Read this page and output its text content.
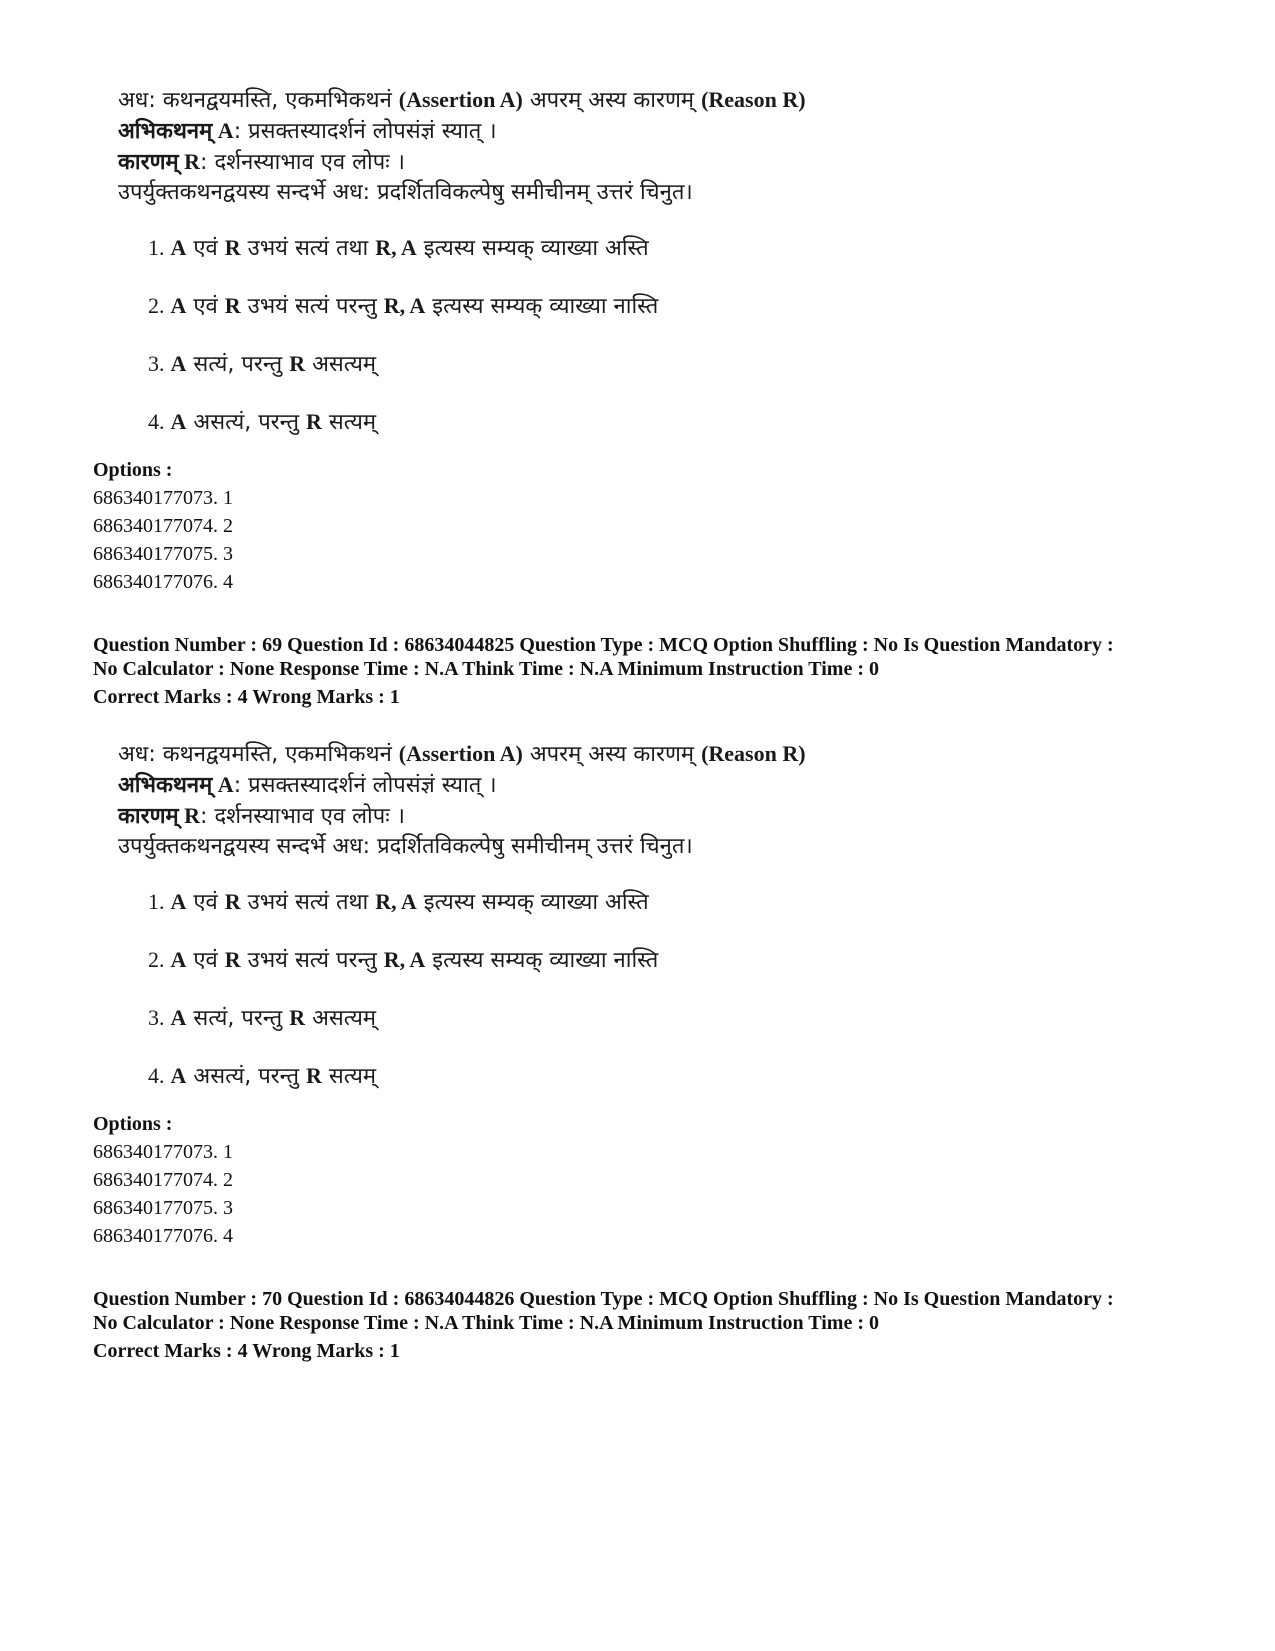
अध: कथनद्वयमस्ति, एकमभिकथनं (Assertion A) अपरम् अस्य कारणम् (Reason R)
अभिकथनम् A: प्रसक्तस्यादर्शनं लोपसंज्ञं स्यात् ।
कारणम् R: दर्शनस्याभाव एव लोपः ।
उपर्युक्तकथनद्वयस्य सन्दर्भे अध: प्रदर्शितविकल्पेषु समीचीनम् उत्तरं चिनुत।
1. A एवं R उभयं सत्यं तथा R, A इत्यस्य सम्यक् व्याख्या अस्ति
2. A एवं R उभयं सत्यं परन्तु R, A इत्यस्य सम्यक् व्याख्या नास्ति
3. A सत्यं, परन्तु R असत्यम्
4. A असत्यं, परन्तु R सत्यम्
Options :
686340177073. 1
686340177074. 2
686340177075. 3
686340177076. 4
Question Number : 69 Question Id : 68634044825 Question Type : MCQ Option Shuffling : No Is Question Mandatory :
No Calculator : None Response Time : N.A Think Time : N.A Minimum Instruction Time : 0
Correct Marks : 4 Wrong Marks : 1
अध: कथनद्वयमस्ति, एकमभिकथनं (Assertion A) अपरम् अस्य कारणम् (Reason R)
अभिकथनम् A: प्रसक्तस्यादर्शनं लोपसंज्ञं स्यात् ।
कारणम् R: दर्शनस्याभाव एव लोपः ।
उपर्युक्तकथनद्वयस्य सन्दर्भे अध: प्रदर्शितविकल्पेषु समीचीनम् उत्तरं चिनुत।
1. A एवं R उभयं सत्यं तथा R, A इत्यस्य सम्यक् व्याख्या अस्ति
2. A एवं R उभयं सत्यं परन्तु R, A इत्यस्य सम्यक् व्याख्या नास्ति
3. A सत्यं, परन्तु R असत्यम्
4. A असत्यं, परन्तु R सत्यम्
Options :
686340177073. 1
686340177074. 2
686340177075. 3
686340177076. 4
Question Number : 70 Question Id : 68634044826 Question Type : MCQ Option Shuffling : No Is Question Mandatory :
No Calculator : None Response Time : N.A Think Time : N.A Minimum Instruction Time : 0
Correct Marks : 4 Wrong Marks : 1
